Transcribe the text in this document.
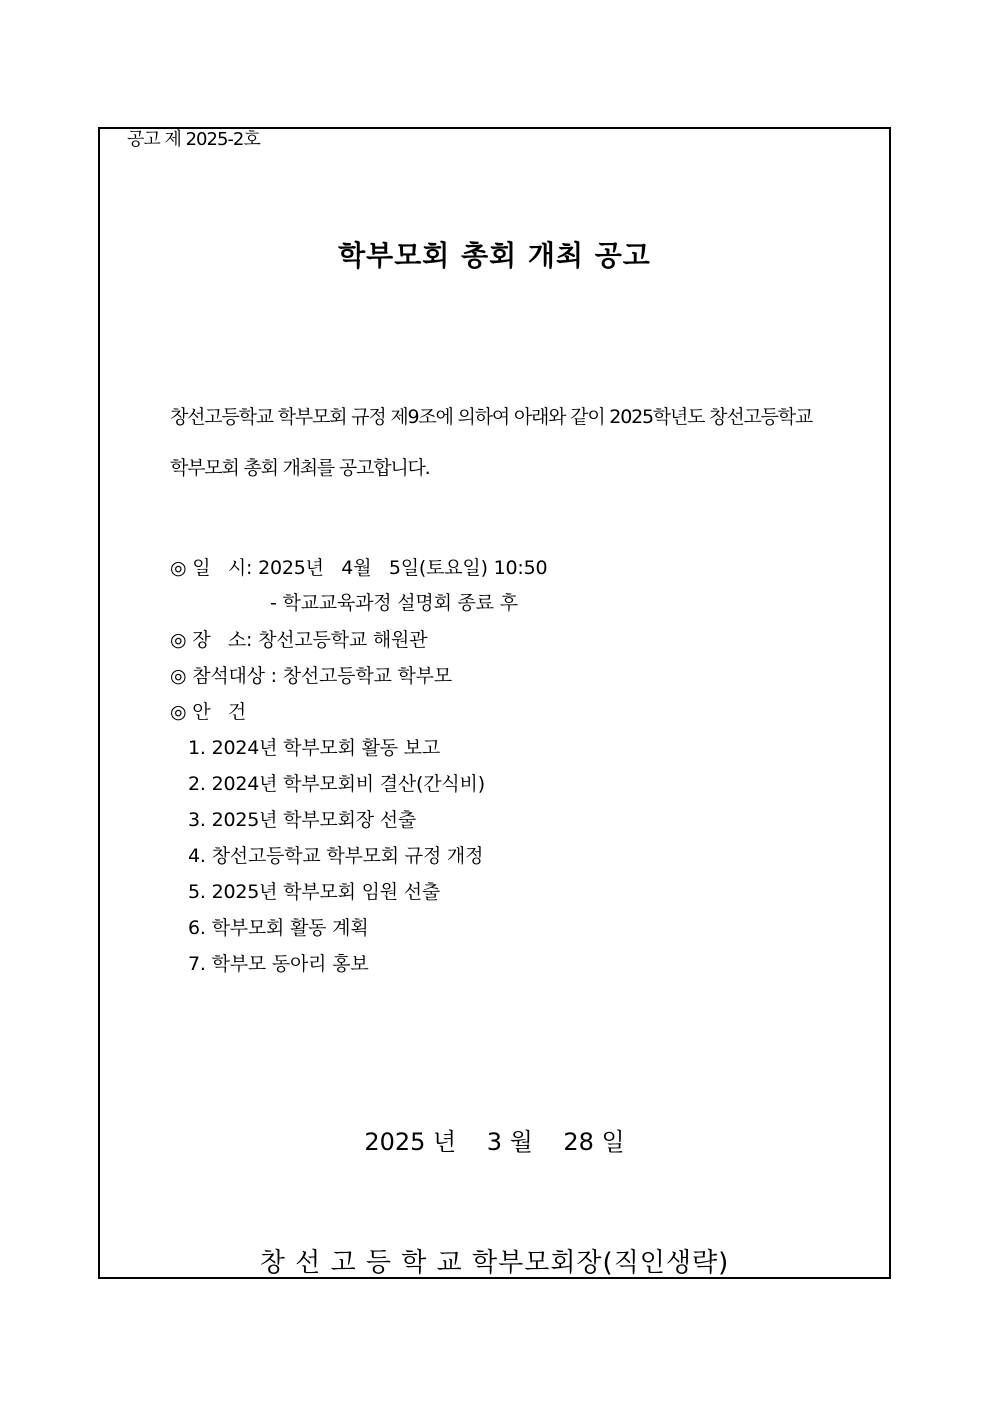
공고 제 2025-2호
학부모회 총회 개최 공고
창선고등학교 학부모회 규정 제9조에 의하여 아래와 같이 2025학년도 창선고등학교
학부모회 총회 개최를 공고합니다.
◎ 일   시: 2025년   4월   5일(토요일) 10:50
- 학교교육과정 설명회 종료 후
◎ 장   소: 창선고등학교 해원관
◎ 참석대상 : 창선고등학교 학부모
◎ 안   건
1. 2024년 학부모회 활동 보고
2. 2024년 학부모회비 결산(간식비)
3. 2025년 학부모회장 선출
4. 창선고등학교 학부모회 규정 개정
5. 2025년 학부모회 임원 선출
6. 학부모회 활동 계획
7. 학부모 동아리 홍보
2025 년    3 월    28 일
창 선 고 등 학 교 학부모회장(직인생략)
